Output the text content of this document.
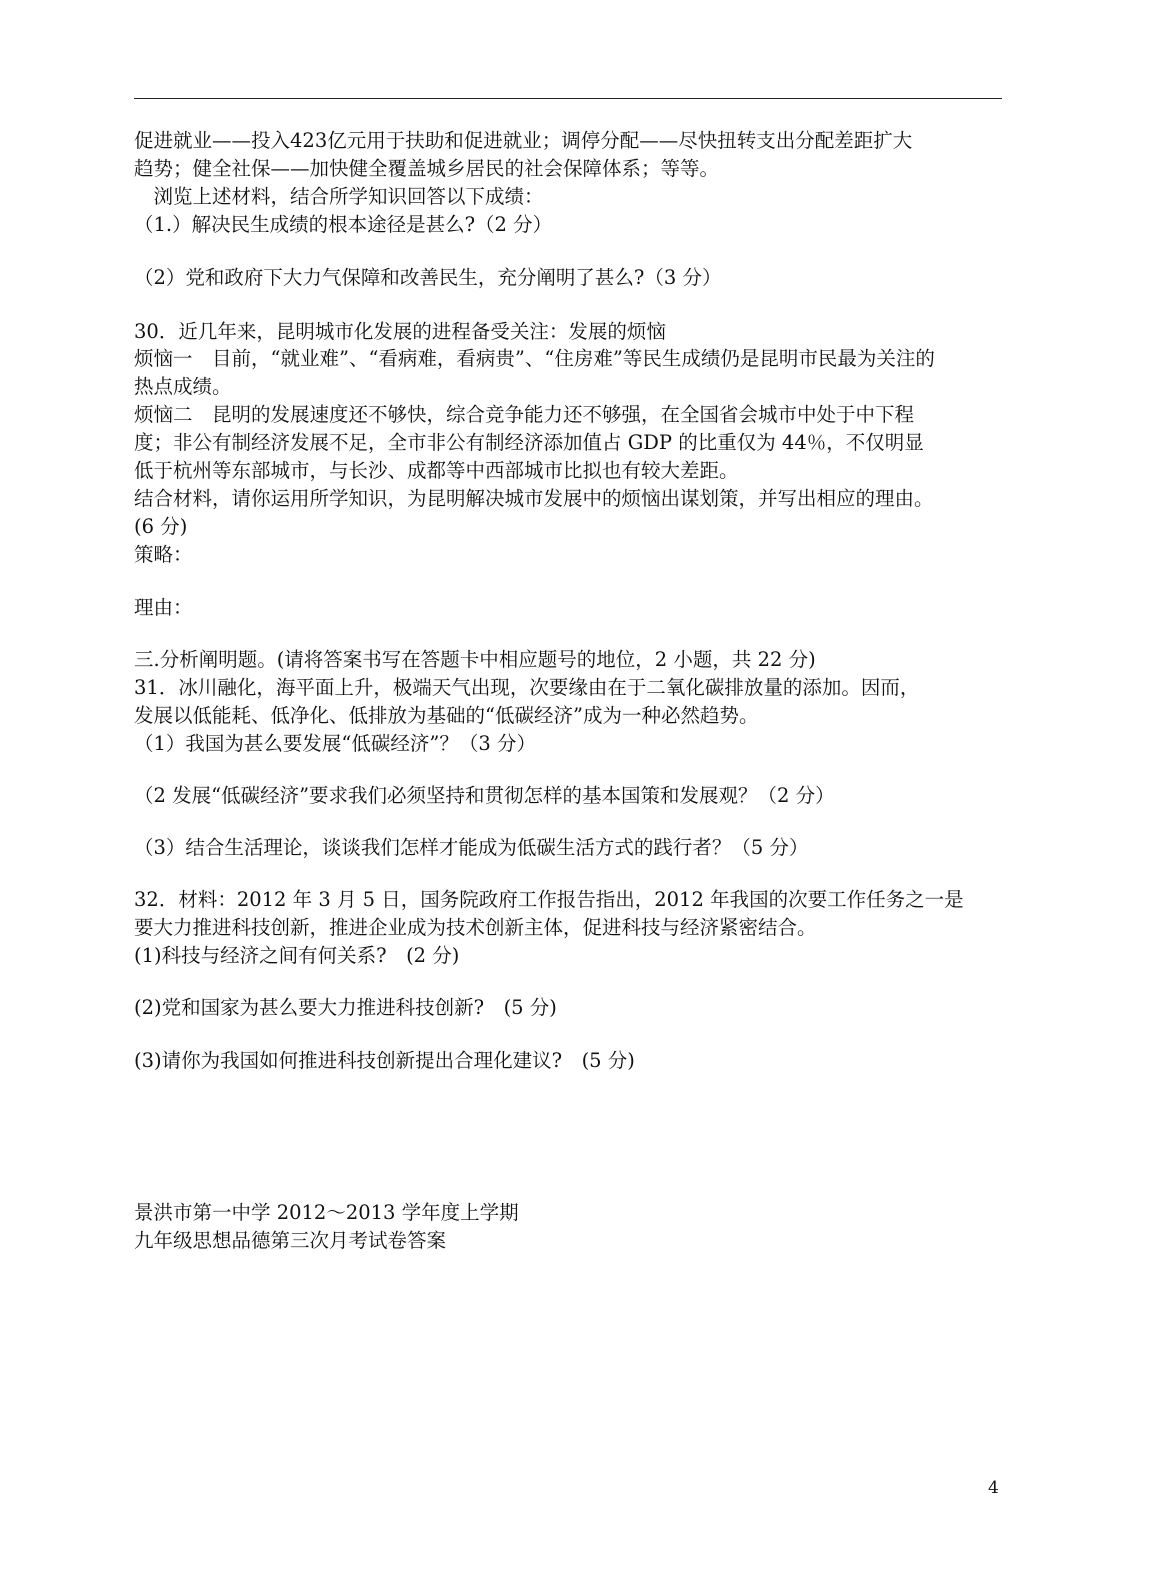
促进就业——投入423亿元用于扶助和促进就业；调停分配——尽快扭转支出分配差距扩大
趋势；健全社保——加快健全覆盖城乡居民的社会保障体系；等等。
　浏览上述材料，结合所学知识回答以下成绩：
（1.）解决民生成绩的根本途径是甚么?（2 分）
（2）党和政府下大力气保障和改善民生，充分阐明了甚么?（3 分）
30．近几年来，昆明城市化发展的进程备受关注：发展的烦恼
烦恼一　目前，“就业难”、“看病难，看病贵”、“住房难”等民生成绩仍是昆明市民最为关注的
热点成绩。
烦恼二　昆明的发展速度还不够快，综合竞争能力还不够强，在全国省会城市中处于中下程
度；非公有制经济发展不足，全市非公有制经济添加值占 GDP 的比重仅为 44％，不仅明显
低于杭州等东部城市，与长沙、成都等中西部城市比拟也有较大差距。
结合材料，请你运用所学知识，为昆明解决城市发展中的烦恼出谋划策，并写出相应的理由。
(6 分)
策略：
理由：
三.分析阐明题。(请将答案书写在答题卡中相应题号的地位，2 小题，共 22 分)
31．冰川融化，海平面上升，极端天气出现，次要缘由在于二氧化碳排放量的添加。因而，
发展以低能耗、低净化、低排放为基础的“低碳经济”成为一种必然趋势。
（1）我国为甚么要发展“低碳经济”？（3 分）
（2 发展“低碳经济”要求我们必须坚持和贯彻怎样的基本国策和发展观？（2 分）
（3）结合生活理论，谈谈我们怎样才能成为低碳生活方式的践行者？（5 分）
32．材料：2012 年 3 月 5 日，国务院政府工作报告指出，2012 年我国的次要工作任务之一是
要大力推进科技创新，推进企业成为技术创新主体，促进科技与经济紧密结合。
(1)科技与经济之间有何关系?　(2 分)
(2)党和国家为甚么要大力推进科技创新?　(5 分)
(3)请你为我国如何推进科技创新提出合理化建议?　(5 分)
景洪市第一中学 2012～2013 学年度上学期
九年级思想品德第三次月考试卷答案
4
